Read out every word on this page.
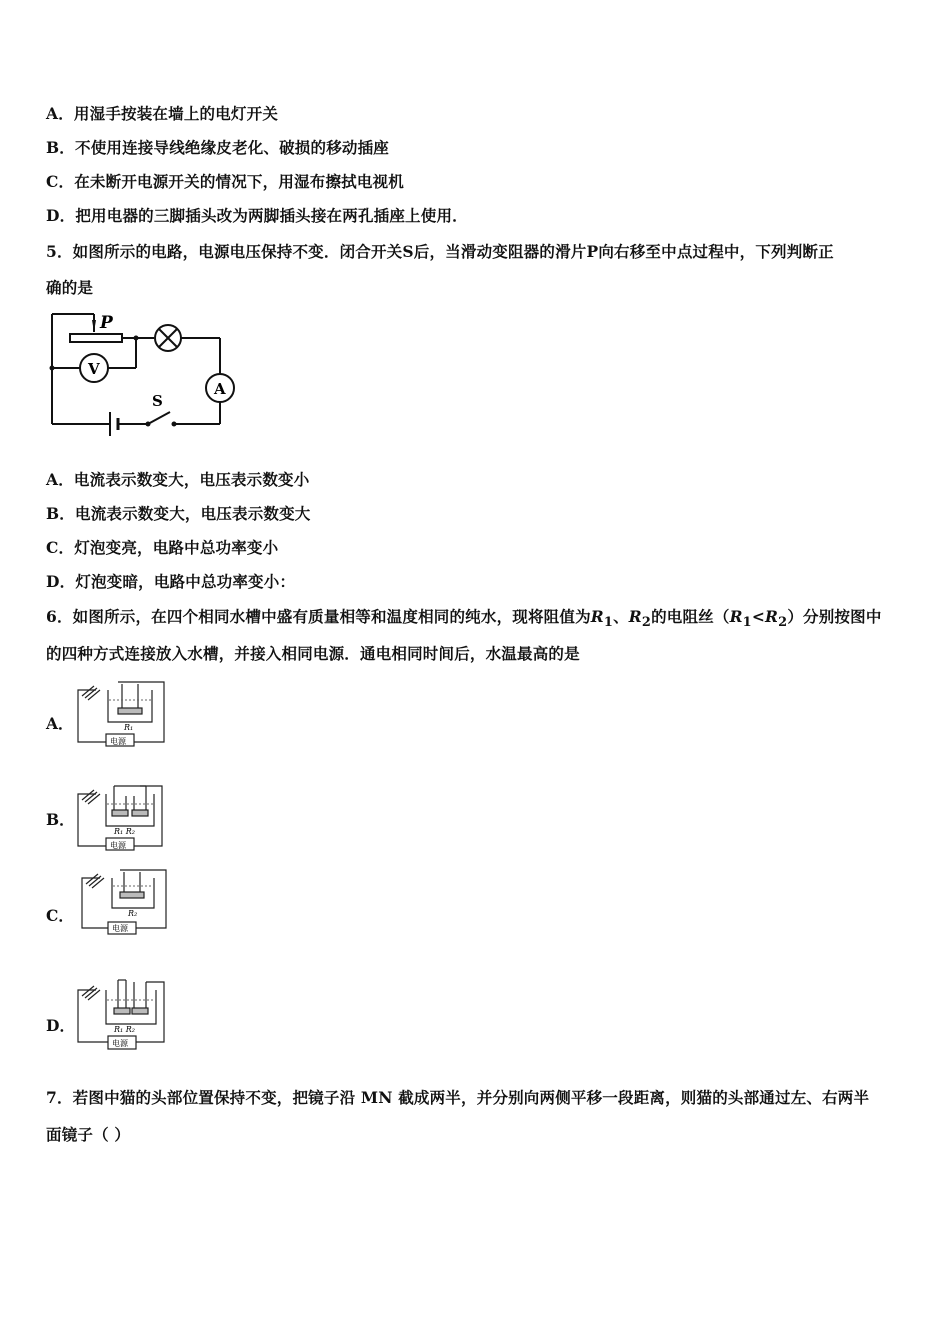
A．用湿手按装在墙上的电灯开关
B．不使用连接导线绝缘皮老化、破损的移动插座
C．在未断开电源开关的情况下，用湿布擦拭电视机
D．把用电器的三脚插头改为两脚插头接在两孔插座上使用．
5．如图所示的电路，电源电压保持不变．闭合开关S后，当滑动变阻器的滑片P向右移至中点过程中，下列判断正
确的是
P
V
A
S
A．电流表示数变大，电压表示数变小
B．电流表示数变大，电压表示数变大
C．灯泡变亮，电路中总功率变小
D．灯泡变暗，电路中总功率变小：
6．如图所示，在四个相同水槽中盛有质量相等和温度相同的纯水，现将阻值为$R_1$、$R_2$的电阻丝$(R_1<R_2)$分别按图中
的四种方式连接放入水槽，并接入相同电源．通电相同时间后，水温最高的是
A．	R₁
电源
B．
R₁ R₂
电源
C．	R₂
电源
D．	R₁ R₂
电源
7．若图中猫的头部位置保持不变，把镜子沿 MN 截成两半，并分别向两侧平移一段距离，则猫的头部通过左、右两半
面镜子（ ）
